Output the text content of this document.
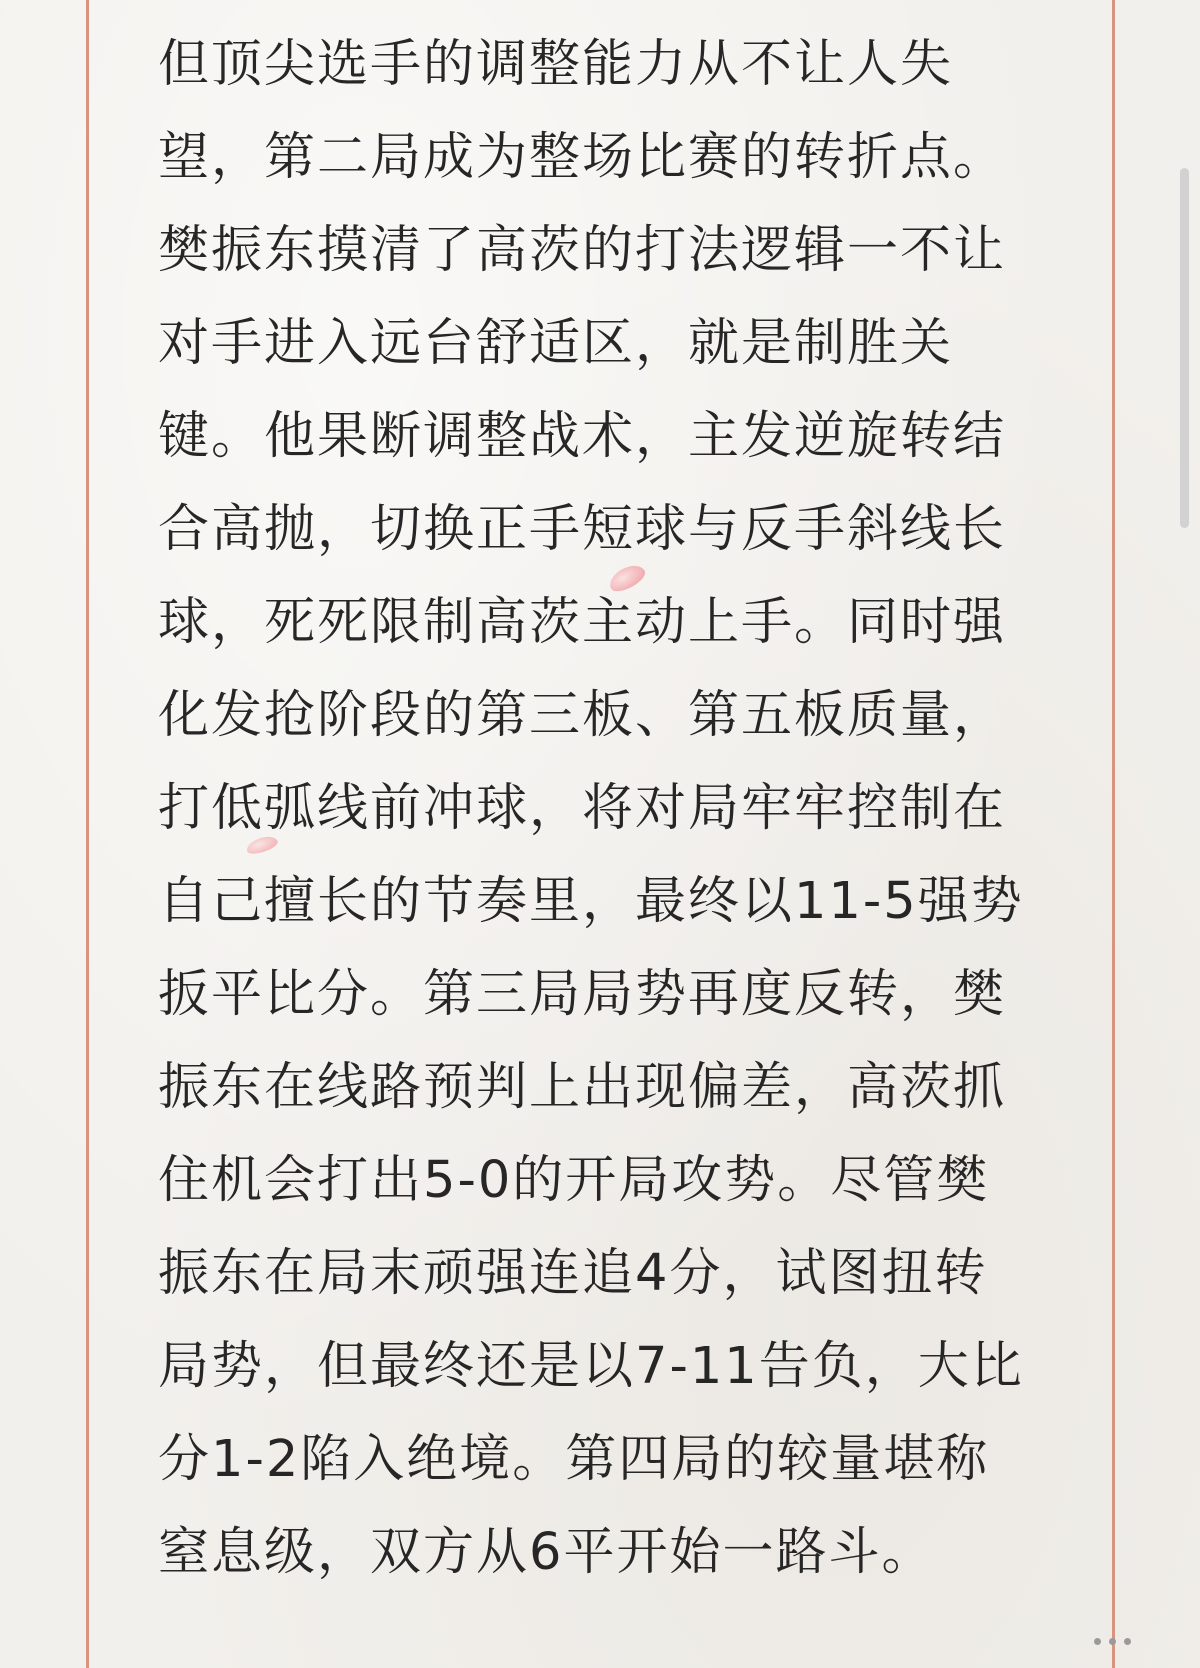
但顶尖选手的调整能力从不让人失
望，第二局成为整场比赛的转折点。
樊振东摸清了高茨的打法逻辑一不让
对手进入远台舒适区，就是制胜关
键。他果断调整战术，主发逆旋转结
合高抛，切换正手短球与反手斜线长
球，死死限制高茨主动上手。同时强
化发抢阶段的第三板、第五板质量，
打低弧线前冲球，将对局牢牢控制在
自己擅长的节奏里，最终以11-5强势
扳平比分。第三局局势再度反转，樊
振东在线路预判上出现偏差，高茨抓
住机会打出5-0的开局攻势。尽管樊
振东在局末顽强连追4分，试图扭转
局势，但最终还是以7-11告负，大比
分1-2陷入绝境。第四局的较量堪称
窒息级，双方从6平开始一路斗。
